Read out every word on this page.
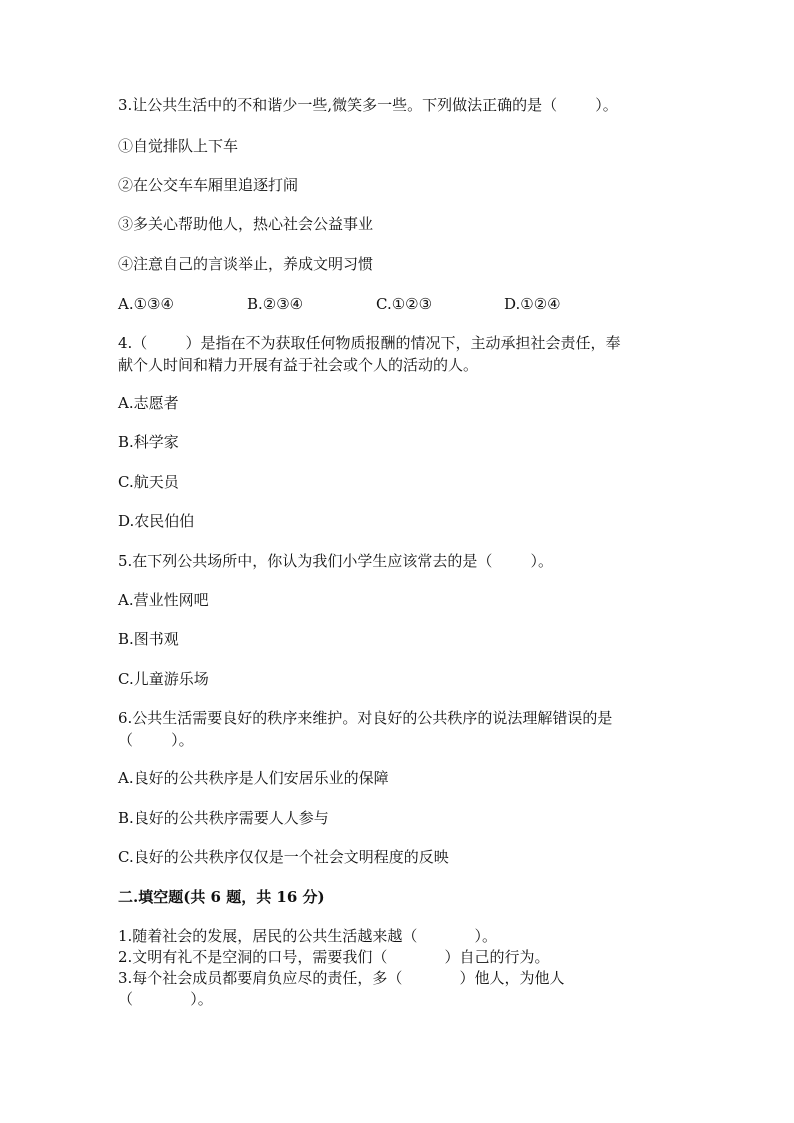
3.让公共生活中的不和谐少一些,微笑多一些。下列做法正确的是（        ）。
①自觉排队上下车
②在公交车车厢里追逐打闹
③多关心帮助他人，热心社会公益事业
④注意自己的言谈举止，养成文明习惯
A.①③④	B.②③④	C.①②③	D.①②④
4.（        ）是指在不为获取任何物质报酬的情况下，主动承担社会责任，奉
献个人时间和精力开展有益于社会或个人的活动的人。
A.志愿者
B.科学家
C.航天员
D.农民伯伯
5.在下列公共场所中，你认为我们小学生应该常去的是（        ）。
A.营业性网吧
B.图书观
C.儿童游乐场
6.公共生活需要良好的秩序来维护。对良好的公共秩序的说法理解错误的是
（        ）。
A.良好的公共秩序是人们安居乐业的保障
B.良好的公共秩序需要人人参与
C.良好的公共秩序仅仅是一个社会文明程度的反映
二.填空题(共 6 题，共 16 分)
1.随着社会的发展，居民的公共生活越来越（            ）。
2.文明有礼不是空洞的口号，需要我们（            ）自己的行为。
3.每个社会成员都要肩负应尽的责任，多（            ）他人，为他人
（            ）。
